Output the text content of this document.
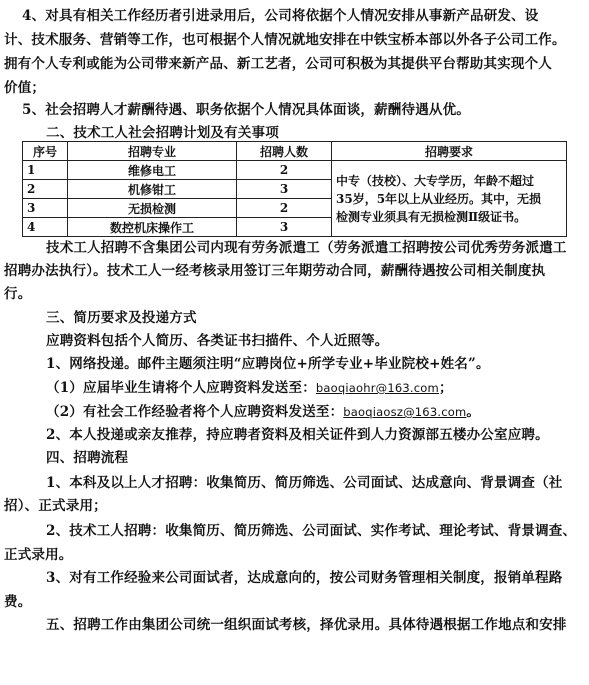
4、对具有相关工作经历者引进录用后，公司将依据个人情况安排从事新产品研发、设
计、技术服务、营销等工作，也可根据个人情况就地安排在中铁宝桥本部以外各子公司工作。
拥有个人专利或能为公司带来新产品、新工艺者，公司可积极为其提供平台帮助其实现个人
价值；
5、社会招聘人才薪酬待遇、职务依据个人情况具体面谈，薪酬待遇从优。
二、技术工人社会招聘计划及有关事项
序号	招聘专业	招聘人数	招聘要求
1	维修电工	2	中专（技校）、大专学历，年龄不超过
35岁，5年以上从业经历。其中，无损
检测专业须具有无损检测Ⅱ级证书。

2	机修钳工	3	
3	无损检测	2	
4	数控机床操作工	3	
技术工人招聘不含集团公司内现有劳务派遣工（劳务派遣工招聘按公司优秀劳务派遣工
招聘办法执行）。技术工人一经考核录用签订三年期劳动合同，薪酬待遇按公司相关制度执
行。
三、简历要求及投递方式
应聘资料包括个人简历、各类证书扫描件、个人近照等。
1、网络投递。邮件主题须注明“应聘岗位+所学专业+毕业院校+姓名”。
（1）应届毕业生请将个人应聘资料发送至：baoqiaohr@163.com；
（2）有社会工作经验者将个人应聘资料发送至：baoqiaosz@163.com。
2、本人投递或亲友推荐，持应聘者资料及相关证件到人力资源部五楼办公室应聘。
四、招聘流程
1、本科及以上人才招聘：收集简历、简历筛选、公司面试、达成意向、背景调查（社
招）、正式录用；
2、技术工人招聘：收集简历、简历筛选、公司面试、实作考试、理论考试、背景调查、
正式录用。
3、对有工作经验来公司面试者，达成意向的，按公司财务管理相关制度，报销单程路
费。
五、招聘工作由集团公司统一组织面试考核，择优录用。具体待遇根据工作地点和安排
